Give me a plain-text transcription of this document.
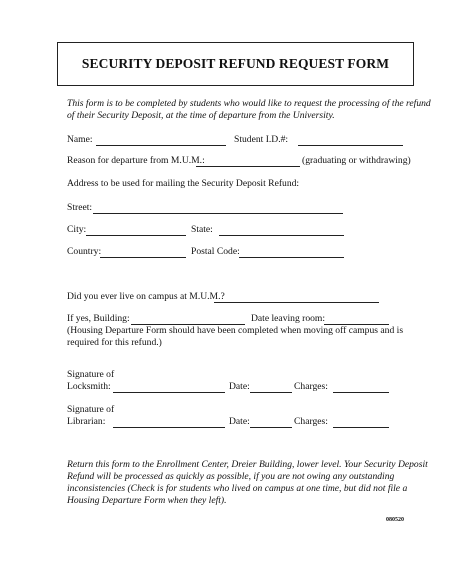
SECURITY DEPOSIT REFUND REQUEST FORM
This form is to be completed by students who would like to request the processing of the refund
of their Security Deposit, at the time of departure from the University.
Name:	Student I.D.#:
Reason for departure from M.U.M.:	(graduating or withdrawing)
Address to be used for mailing the Security Deposit Refund:
Street:
City:	State:
Country:	Postal Code:
Did you ever live on campus at M.U.M.?
If yes, Building:	Date leaving room:
(Housing Departure Form should have been completed when moving off campus and is
required for this refund.)
Signature of
Locksmith:	Date:	Charges:
Signature of
Librarian:	Date:	Charges:
Return this form to the Enrollment Center, Dreier Building, lower level. Your Security Deposit
Refund will be processed as quickly as possible, if you are not owing any outstanding
inconsistencies (Check is for students who lived on campus at one time, but did not file a
Housing Departure Form when they left).
080520
